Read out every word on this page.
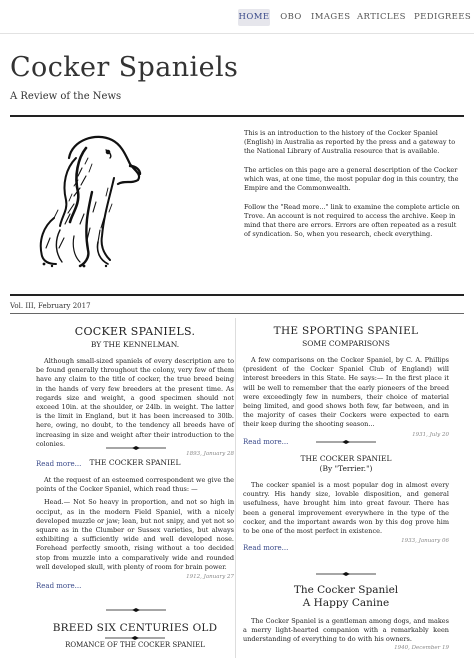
HOME OBO IMAGES ARTICLES PEDIGREES
Cocker Spaniels
A Review of the News

This is an introduction to the history of the Cocker Spaniel (English) in Australia as reported by the press and a gateway to the National Library of Australia resource that is available.

The articles on this page are a general description of the Cocker which was, at one time, the most popular dog in this country, the Empire and the Commonwealth.

Follow the "Read more..." link to examine the complete article on Trove. An account is not required to access the archive. Keep in mind that there are errors. Errors are often repeated as a result of syndication. So, when you research, check everything.

Vol. III, February 2017
COCKER SPANIELS.
BY THE KENNELMAN.

Although small-sized spaniels of every description are to be found generally throughout the colony, very few of them have any claim to the title of cocker, the true breed being in the hands of very few breeders at the present time. As regards size and weight, a good specimen should not exceed 10in. at the shoulder, or 24lb. in weight. The latter is the limit in England, but it has been increased to 30lb. here, owing, no doubt, to the tendency all breeds have of increasing in size and weight after their introduction to the colonies.

1893, January 28
Read more...	THE COCKER SPANIEL

At the request of an esteemed correspondent we give the points of the Cocker Spaniel, which read thus: —

Head.— Not So heavy in proportion, and not so high in occiput, as in the modern Field Spaniel, with a nicely developed muzzle or jaw; lean, but not snipy, and yet not so square as in the Clumber or Sussex varieties, but always exhibiting a sufficiently wide and well developed nose. Forehead perfectly smooth, rising without a too decided stop from muzzle into a comparatively wide and rounded well developed skull, with plenty of room for brain power.

1912, January 27
Read more...
BREED SIX CENTURIES OLD
ROMANCE OF THE COCKER SPANIEL
THE SPORTING SPANIEL
SOME COMPARISONS

A few comparisons on the Cocker Spaniel, by C. A. Phillips (president of the Cocker Spaniel Club of England) will interest breeders in this State. He says:— In the first place it will be well to remember that the early pioneers of the breed were exceedingly few in numbers, their choice of material being limited, and good shows both few, far between, and in the majority of cases their Cockers were expected to earn their keep during the shooting season...

1931, July 20
Read more...
THE COCKER SPANIEL
(By "Terrier.")

The cocker spaniel is a most popular dog in almost every country. His handy size, lovable disposition, and general usefulness, have brought him into great favour. There has been a general improvement everywhere in the type of the cocker, and the important awards won by this dog prove him to be one of the most perfect in existence.

1933, January 06
Read more...
The Cocker Spaniel
A Happy Canine

The Cocker Spaniel is a gentleman among dogs, and makes a merry light-hearted companion with a remarkably keen understanding of everything to do with his owners.

1940, December 19
